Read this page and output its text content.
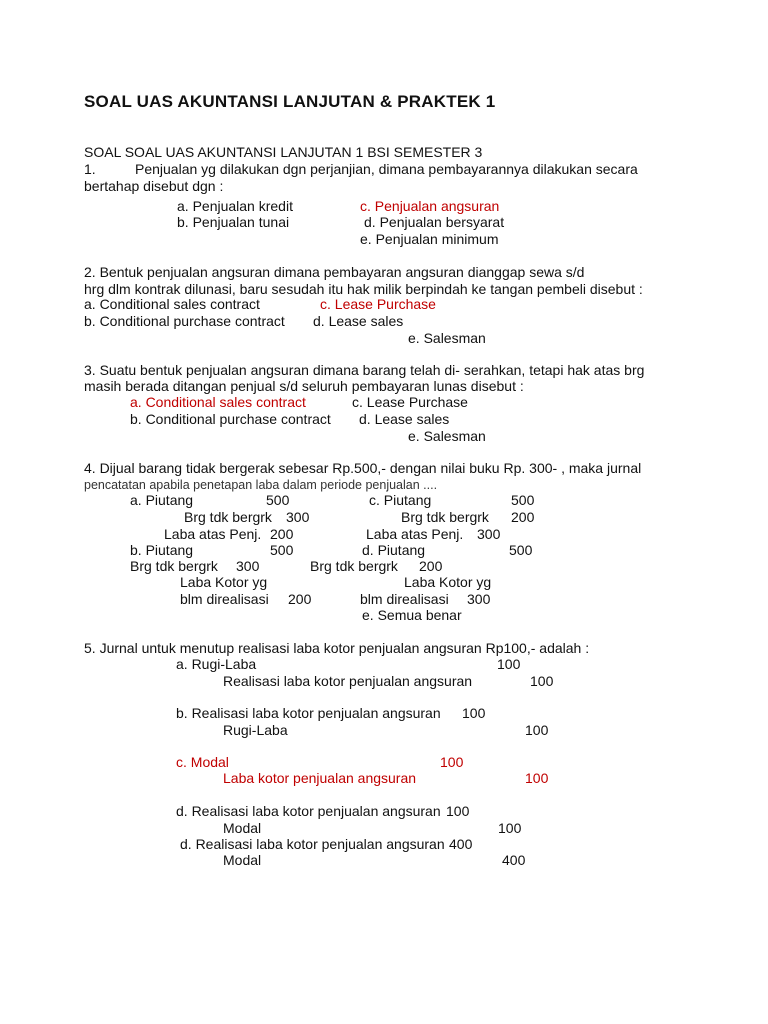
SOAL UAS AKUNTANSI LANJUTAN & PRAKTEK 1
SOAL SOAL UAS AKUNTANSI LANJUTAN 1 BSI SEMESTER 3
1.	Penjualan yg dilakukan dgn perjanjian, dimana pembayarannya dilakukan secara
bertahap disebut dgn :
a. Penjualan kredit
b. Penjualan tunai
c. Penjualan angsuran
d. Penjualan bersyarat
e. Penjualan minimum
2. Bentuk penjualan angsuran dimana pembayaran angsuran dianggap sewa s/d
hrg dlm kontrak dilunasi, baru sesudah itu hak milik berpindah ke tangan pembeli disebut :
a. Conditional sales contract	c. Lease Purchase
b. Conditional purchase contract d. Lease sales
e. Salesman
3. Suatu bentuk penjualan angsuran dimana barang telah di- serahkan, tetapi hak atas brg
masih berada ditangan penjual s/d seluruh pembayaran lunas disebut :
a. Conditional sales contract	c. Lease Purchase
b. Conditional purchase contract d. Lease sales
e. Salesman
4. Dijual barang tidak bergerak sebesar Rp.500,- dengan nilai buku Rp. 300- , maka jurnal
pencatatan apabila penetapan laba dalam periode penjualan ....
a. Piutang	500	c. Piutang	500
Brg tdk bergrk 300	Brg tdk bergrk 200
Laba atas Penj. 200	Laba atas Penj. 300
b. Piutang	500	d. Piutang	500
Brg tdk bergrk 300	Brg tdk bergrk 200
Laba Kotor yg	Laba Kotor yg
blm direalisasi 200	blm direalisasi 300
e. Semua benar
5. Jurnal untuk menutup realisasi laba kotor penjualan angsuran Rp100,- adalah :
a. Rugi-Laba	100
Realisasi laba kotor penjualan angsuran	100
b. Realisasi laba kotor penjualan angsuran 100
Rugi-Laba	100
c. Modal	100
Laba kotor penjualan angsuran	100
d. Realisasi laba kotor penjualan angsuran 100
Modal	100
d. Realisasi laba kotor penjualan angsuran 400
Modal	400
